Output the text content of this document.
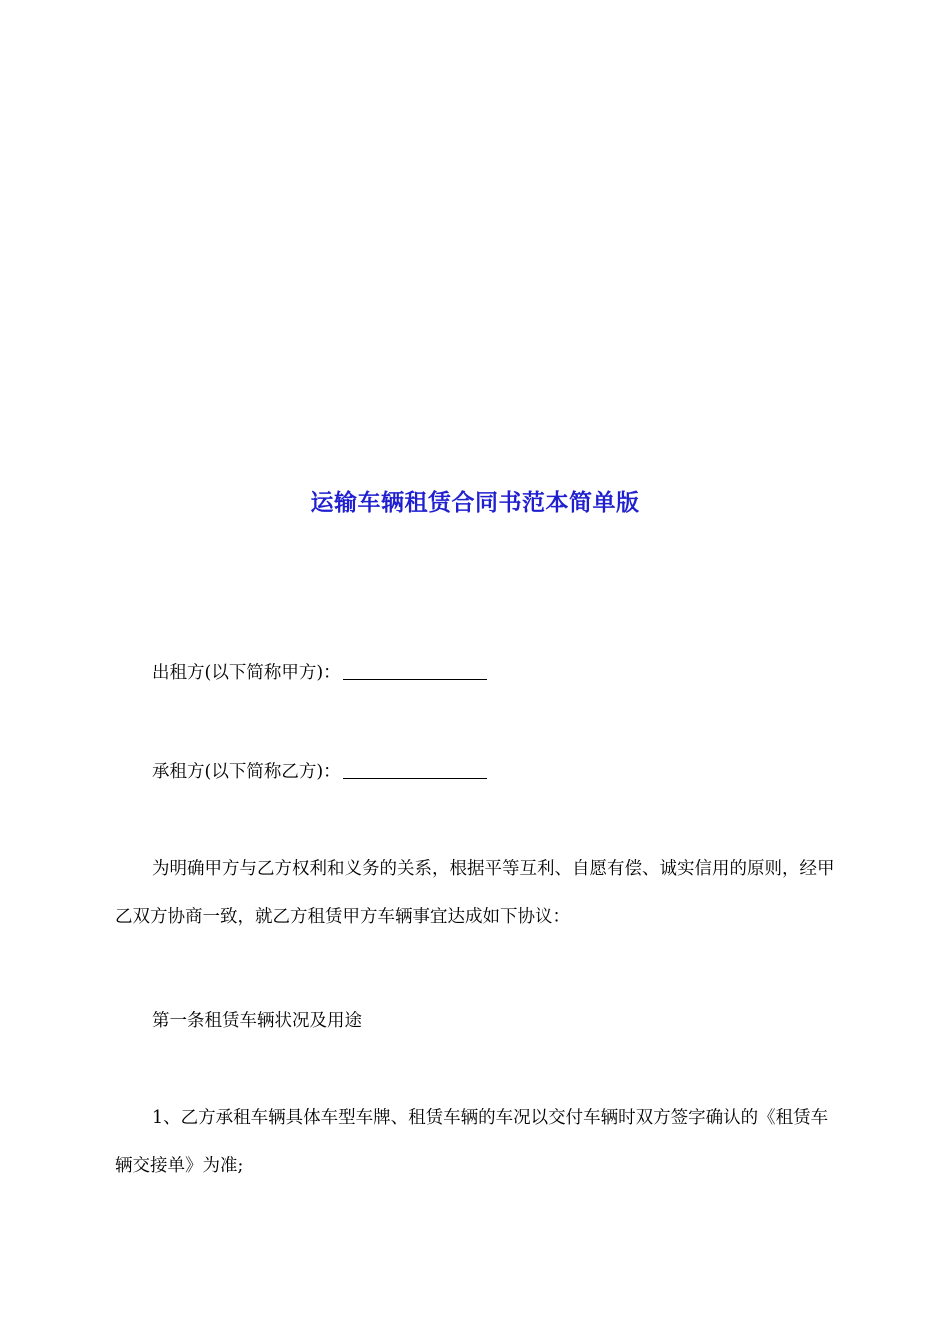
运输车辆租赁合同书范本简单版

出租方(以下简称甲方)：

承租方(以下简称乙方)：

为明确甲方与乙方权利和义务的关系，根据平等互利、自愿有偿、诚实信用的原则，经甲乙双方协商一致，就乙方租赁甲方车辆事宜达成如下协议：

第一条租赁车辆状况及用途

1、乙方承租车辆具体车型车牌、租赁车辆的车况以交付车辆时双方签字确认的《租赁车辆交接单》为准;
